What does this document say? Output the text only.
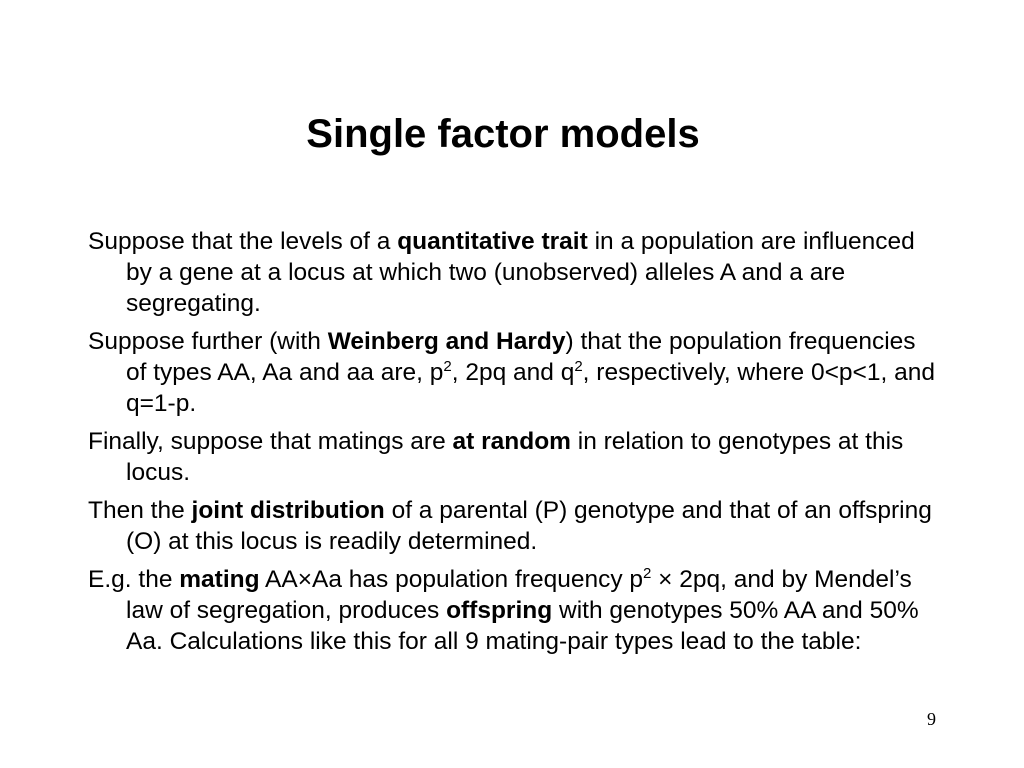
Single factor models

Suppose that the levels of a quantitative trait in a population are influenced by a gene at a locus at which two (unobserved) alleles A and a are segregating.

Suppose further (with Weinberg and Hardy) that the population frequencies of types AA, Aa and aa are, $p^2$, 2pq and $q^2$, respectively, where 0<p<1, and q=1-p.

Finally, suppose that matings are at random in relation to genotypes at this locus.

Then the joint distribution of a parental (P) genotype and that of an offspring (O) at this locus is readily determined.

E.g. the mating AA×Aa has population frequency $p^2 \times 2pq$, and by Mendel’s law of segregation, produces offspring with genotypes 50% AA and 50% Aa. Calculations like this for all 9 mating-pair types lead to the table:

9
